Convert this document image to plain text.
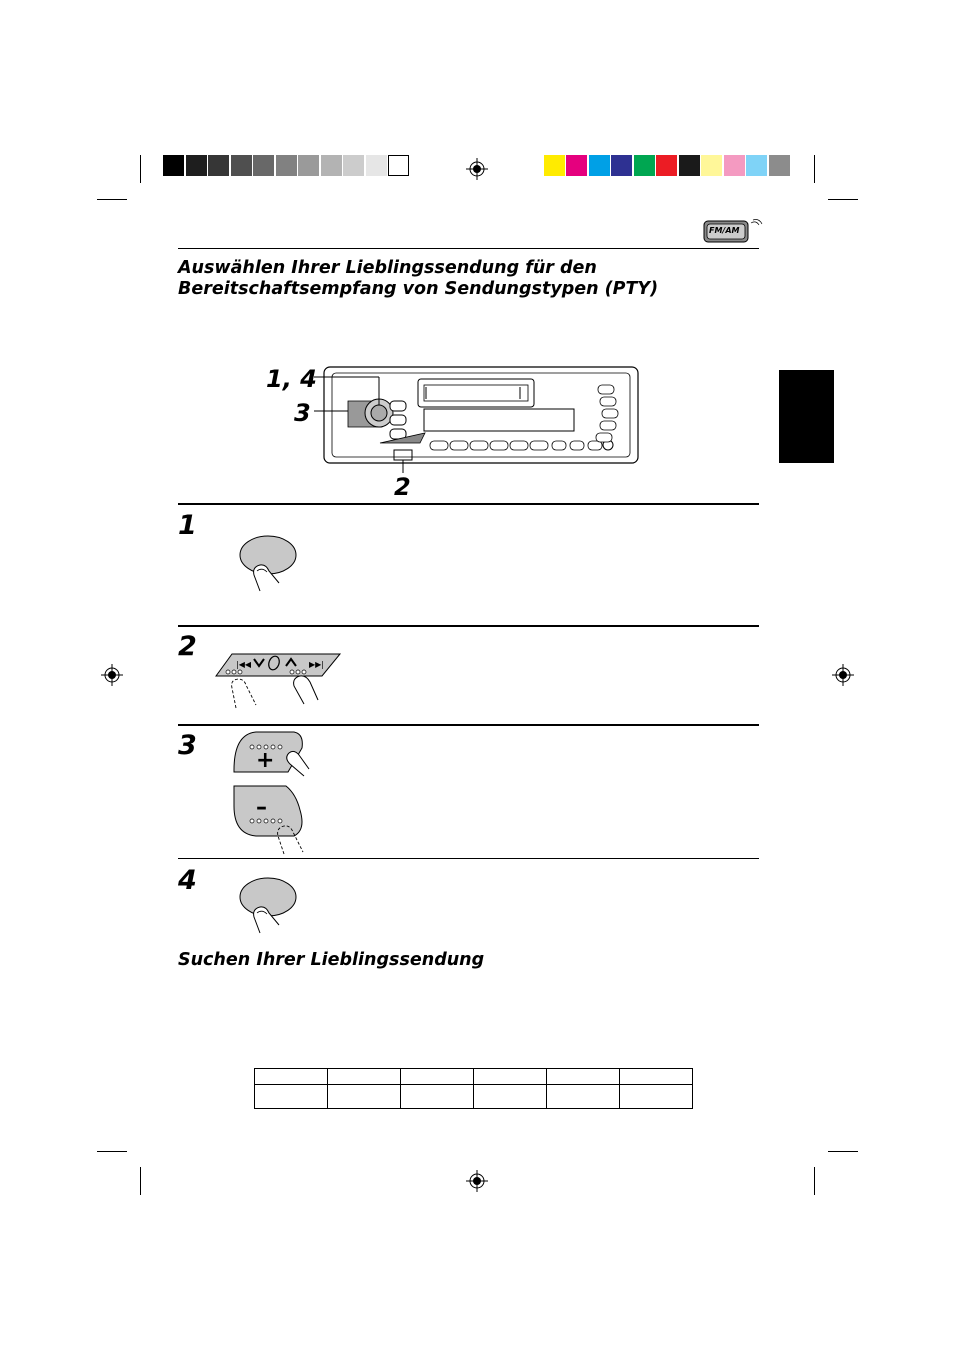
FM/AM
Auswählen Ihrer Lieblingssendung für den
Bereitschaftsempfang von Sendungstypen (PTY)
1, 4
3
2
1
2
3
4
|◀◀	▶▶|
+
–
Suchen Ihrer Lieblingssendung
